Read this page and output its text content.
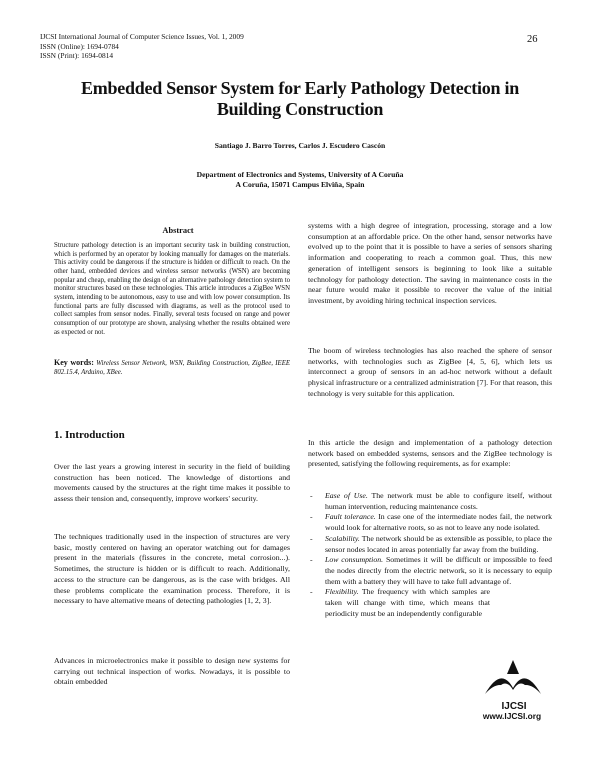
IJCSI International Journal of Computer Science Issues, Vol. 1, 2009
ISSN (Online): 1694-0784
ISSN (Print): 1694-0814
26
Embedded Sensor System for Early Pathology Detection in
Building Construction
Santiago J. Barro Torres, Carlos J. Escudero Cascón
Department of Electronics and Systems, University of A Coruña
A Coruña, 15071 Campus Elviña, Spain
Abstract
Structure pathology detection is an important security task in building construction, which is performed by an operator by looking manually for damages on the materials. This activity could be dangerous if the structure is hidden or difficult to reach. On the other hand, embedded devices and wireless sensor networks (WSN) are becoming popular and cheap, enabling the design of an alternative pathology detection system to monitor structures based on these technologies. This article introduces a ZigBee WSN system, intending to be autonomous, easy to use and with low power consumption. Its functional parts are fully discussed with diagrams, as well as the protocol used to collect samples from sensor nodes. Finally, several tests focused on range and power consumption of our prototype are shown, analysing whether the results obtained were as expected or not.
Key words: Wireless Sensor Network, WSN, Building Construction, ZigBee, IEEE 802.15.4, Arduino, XBee.
1. Introduction
Over the last years a growing interest in security in the field of building construction has been noticed. The knowledge of distortions and movements caused by the structures at the right time makes it possible to assess their tension and, consequently, improve workers' security.
The techniques traditionally used in the inspection of structures are very basic, mostly centered on having an operator watching out for damages present in the materials (fissures in the concrete, metal corrosion...). Sometimes, the structure is hidden or is difficult to reach. Additionally, access to the structure can be dangerous, as is the case with bridges. All these problems complicate the examination process. Therefore, it is necessary to have alternative means of detecting pathologies [1, 2, 3].
Advances in microelectronics make it possible to design new systems for carrying out technical inspection of works. Nowadays, it is possible to obtain embedded
systems with a high degree of integration, processing, storage and a low consumption at an affordable price. On the other hand, sensor networks have evolved up to the point that it is possible to have a series of sensors sharing information and cooperating to reach a common goal. Thus, this new generation of intelligent sensors is beginning to look like a suitable technology for pathology detection. The saving in maintenance costs in the near future would make it possible to recover the value of the initial investment, by avoiding hiring technical inspection services.
The boom of wireless technologies has also reached the sphere of sensor networks, with technologies such as ZigBee [4, 5, 6], which lets us interconnect a group of sensors in an ad-hoc network without a default physical infrastructure or a centralized administration [7]. For that reason, this technology is very suitable for this application.
In this article the design and implementation of a pathology detection network based on embedded systems, sensors and the ZigBee technology is presented, satisfying the following requirements, as for example:
- Ease of Use. The network must be able to configure itself, without human intervention, reducing maintenance costs.
- Fault tolerance. In case one of the intermediate nodes fail, the network would look for alternative roots, so as not to leave any node isolated.
- Scalability. The network should be as extensible as possible, to place the sensor nodes located in areas potentially far away from the building.
- Low consumption. Sometimes it will be difficult or impossible to feed the nodes directly from the electric network, so it is necessary to equip them with a battery they will have to take full advantage of.
- Flexibility. The frequency with which samples are taken will change with time, which means that periodicity must be an independently configurable
IJCSI
www.IJCSI.org
